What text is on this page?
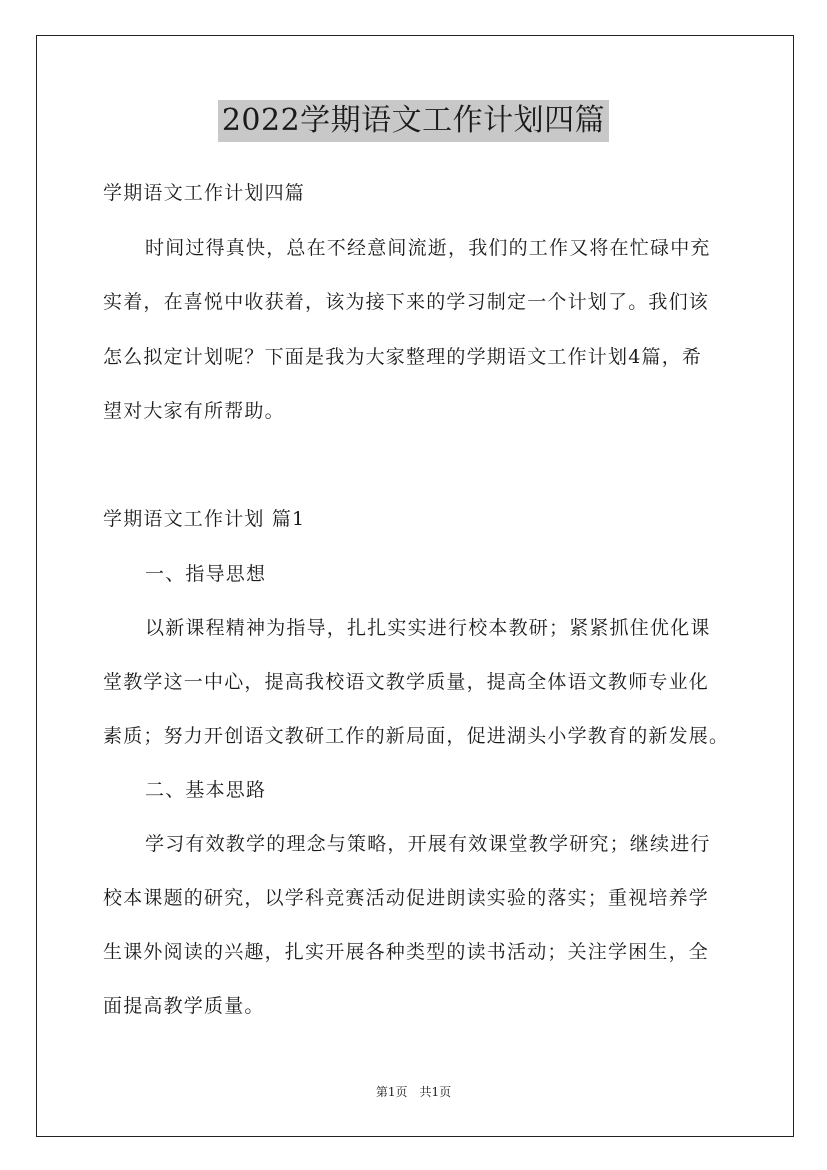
2022学期语文工作计划四篇
学期语文工作计划四篇
时间过得真快，总在不经意间流逝，我们的工作又将在忙碌中充
实着，在喜悦中收获着，该为接下来的学习制定一个计划了。我们该
怎么拟定计划呢？下面是我为大家整理的学期语文工作计划4篇，希
望对大家有所帮助。
学期语文工作计划 篇1
一、指导思想
以新课程精神为指导，扎扎实实进行校本教研；紧紧抓住优化课
堂教学这一中心，提高我校语文教学质量，提高全体语文教师专业化
素质；努力开创语文教研工作的新局面，促进湖头小学教育的新发展。
二、基本思路
学习有效教学的理念与策略，开展有效课堂教学研究；继续进行
校本课题的研究，以学科竞赛活动促进朗读实验的落实；重视培养学
生课外阅读的兴趣，扎实开展各种类型的读书活动；关注学困生，全
面提高教学质量。
第1页　共1页
